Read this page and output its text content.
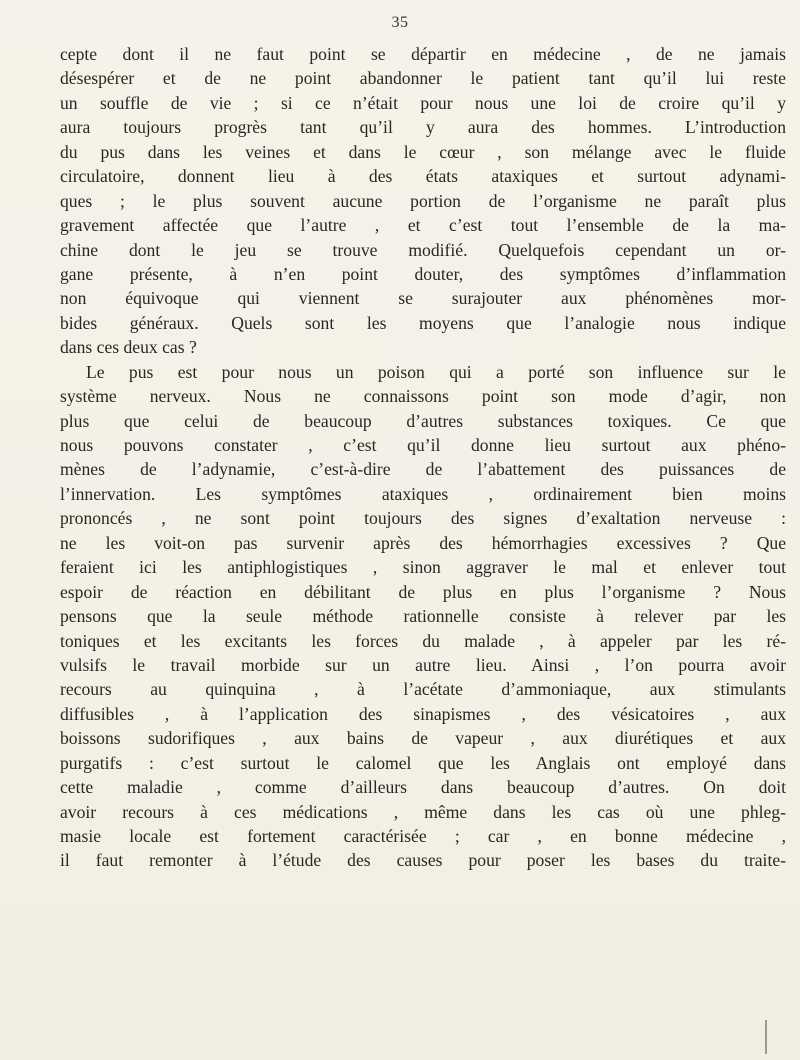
35
cepte dont il ne faut point se départir en médecine , de ne jamais
désespérer et de ne point abandonner le patient tant qu’il lui reste
un souffle de vie ; si ce n’était pour nous une loi de croire qu’il y
aura toujours progrès tant qu’il y aura des hommes. L’introduction
du pus dans les veines et dans le cœur , son mélange avec le fluide
circulatoire, donnent lieu à des états ataxiques et surtout adynami-
ques ; le plus souvent aucune portion de l’organisme ne paraît plus
gravement affectée que l’autre , et c’est tout l’ensemble de la ma-
chine dont le jeu se trouve modifié. Quelquefois cependant un or-
gane présente, à n’en point douter, des symptômes d’inflammation
non équivoque qui viennent se surajouter aux phénomènes mor-
bides généraux. Quels sont les moyens que l’analogie nous indique
dans ces deux cas ?
Le pus est pour nous un poison qui a porté son influence sur le
système nerveux. Nous ne connaissons point son mode d’agir, non
plus que celui de beaucoup d’autres substances toxiques. Ce que
nous pouvons constater , c’est qu’il donne lieu surtout aux phéno-
mènes de l’adynamie, c’est-à-dire de l’abattement des puissances de
l’innervation. Les symptômes ataxiques , ordinairement bien moins
prononcés , ne sont point toujours des signes d’exaltation nerveuse :
ne les voit-on pas survenir après des hémorrhagies excessives ? Que
feraient ici les antiphlogistiques , sinon aggraver le mal et enlever tout
espoir de réaction en débilitant de plus en plus l’organisme ? Nous
pensons que la seule méthode rationnelle consiste à relever par les
toniques et les excitants les forces du malade , à appeler par les ré-
vulsifs le travail morbide sur un autre lieu. Ainsi , l’on pourra avoir
recours au quinquina , à l’acétate d’ammoniaque, aux stimulants
diffusibles , à l’application des sinapismes , des vésicatoires , aux
boissons sudorifiques , aux bains de vapeur , aux diurétiques et aux
purgatifs : c’est surtout le calomel que les Anglais ont employé dans
cette maladie , comme d’ailleurs dans beaucoup d’autres. On doit
avoir recours à ces médications , même dans les cas où une phleg-
masie locale est fortement caractérisée ; car , en bonne médecine ,
il faut remonter à l’étude des causes pour poser les bases du traite-
